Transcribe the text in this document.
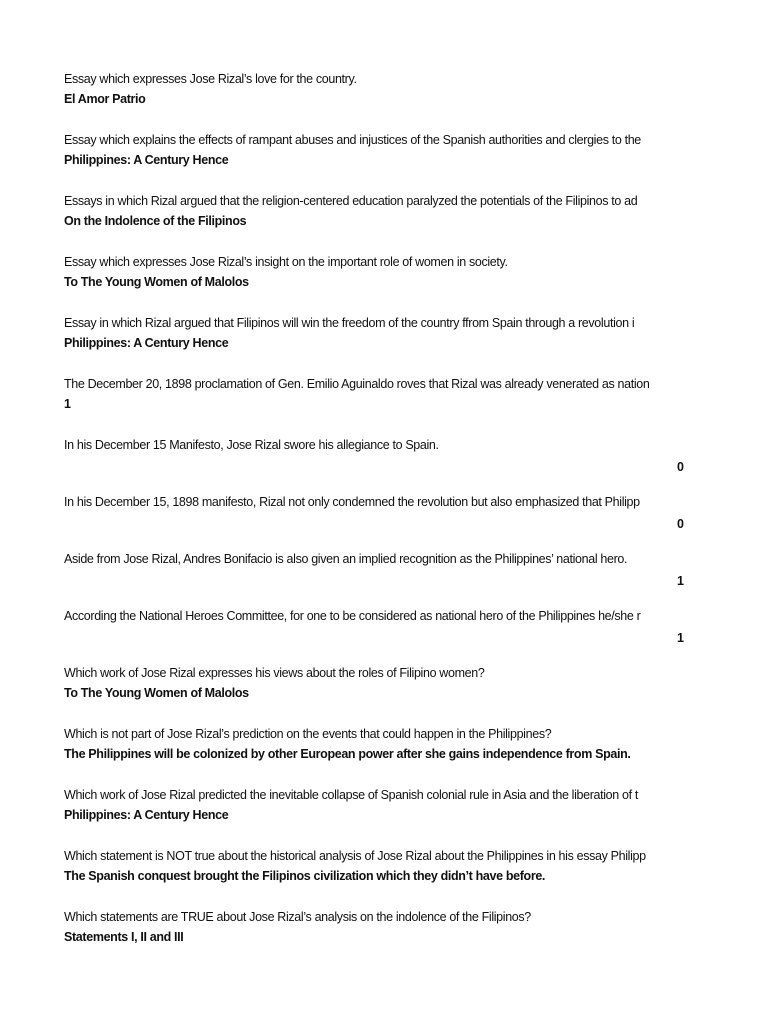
Essay which expresses Jose Rizal’s love for the country.
El Amor Patrio
Essay which explains the effects of rampant abuses and injustices of the Spanish authorities and clergies to the
Philippines: A Century Hence
Essays in which Rizal argued that the religion-centered education paralyzed the potentials of the Filipinos to ad
On the Indolence of the Filipinos
Essay which expresses Jose Rizal’s insight on the important role of women in society.
To The Young Women of Malolos
Essay in which Rizal argued that Filipinos will win the freedom of the country ffrom Spain through a revolution i
Philippines: A Century Hence
The December 20, 1898 proclamation of Gen. Emilio Aguinaldo roves that Rizal was already venerated as nation
1
In his December 15 Manifesto, Jose Rizal swore his allegiance to Spain.
0
In his December 15, 1898 manifesto, Rizal not only condemned the revolution but also emphasized that Philipp
0
Aside from Jose Rizal, Andres Bonifacio is also given an implied recognition as the Philippines’ national hero.
1
According the National Heroes Committee, for one to be considered as national hero of the Philippines he/she r
1
Which work of Jose Rizal expresses his views about the roles of Filipino women?
To The Young Women of Malolos
Which is not part of Jose Rizal’s prediction on the events that could happen in the Philippines?
The Philippines will be colonized by other European power after she gains independence from Spain.
Which work of Jose Rizal predicted the inevitable collapse of Spanish colonial rule in Asia and the liberation of t
Philippines: A Century Hence
Which statement is NOT true about the historical analysis of Jose Rizal about the Philippines in his essay Philipp
The Spanish conquest brought the Filipinos civilization which they didn’t have before.
Which statements are TRUE about Jose Rizal’s analysis on the indolence of the Filipinos?
Statements I, II and III
